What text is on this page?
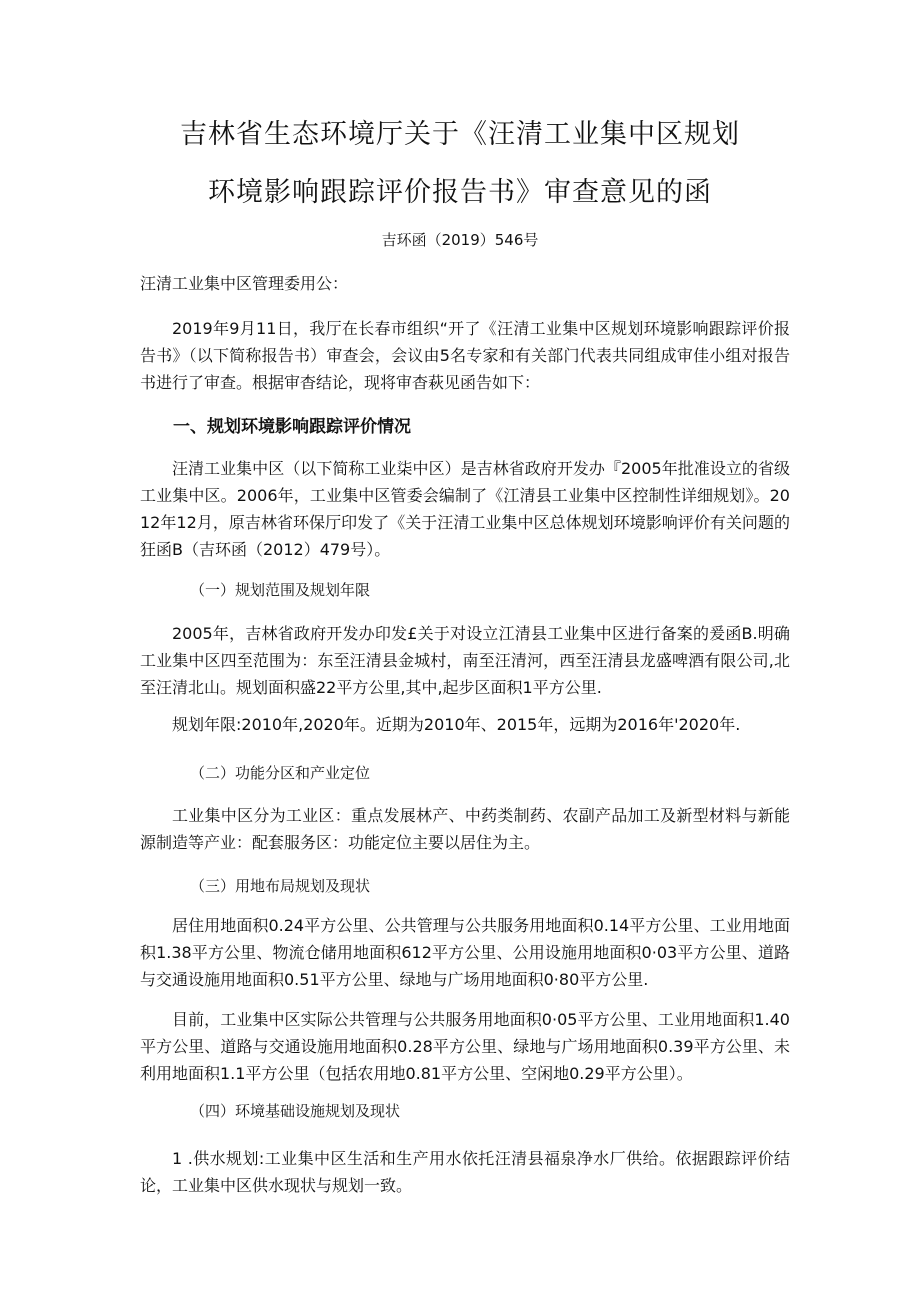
吉林省生态环境厅关于《汪清工业集中区规划
环境影响跟踪评价报告书》审查意见的函
吉环函（2019）546号

汪清工业集中区管理委用公：

2019年9月11日，我厅在长春市组织“开了《汪清工业集中区规划环境影响跟踪评价报告书》（以下简称报告书）审查会，会议由5名专家和有关部门代表共同组成审佳小组对报告书进行了审查。根据审杳结论，现将审杳萩见函告如下：

一、规划环境影响跟踪评价情况

汪清工业集中区（以下简称工业柒中区）是吉林省政府开发办『2005年批准设立的省级工业集中区。2006年，工业集中区管委会编制了《江清县工业集中区控制性详细规划》。2012年12月，原吉林省环保厅印发了《关于汪清工业集中区总体规划环境影响评价有关问题的狂函B（吉环函（2012）479号）。

（一）规划范围及规划年限

2005年，吉林省政府开发办印发£关于对设立江清县工业集中区进行备案的爰函B.明确工业集中区四至范围为：东至汪清县金城村，南至汪清河，西至汪清县龙盛啤酒有限公司,北至汪清北山。规划面积盛22平方公里,其中,起步区面积1平方公里.

规划年限:2010年,2020年。近期为2010年、2015年，远期为2016年'2020年.

（二）功能分区和产业定位

工业集中区分为工业区：重点发展林产、中药类制药、农副产品加工及新型材料与新能源制造等产业：配套服务区：功能定位主要以居住为主。

（三）用地布局规划及现状

居住用地面积0.24平方公里、公共管理与公共服务用地面积0.14平方公里、工业用地面积1.38平方公里、物流仓储用地面积612平方公里、公用设施用地面积0·03平方公里、道路与交通设施用地面积0.51平方公里、绿地与广场用地面积0·80平方公里.

目前，工业集中区实际公共管理与公共服务用地面积0·05平方公里、工业用地面积1.40平方公里、道路与交通设施用地面积0.28平方公里、绿地与广场用地面积0.39平方公里、未利用地面积1.1平方公里（包括农用地0.81平方公里、空闲地0.29平方公里）。

（四）环境基础设施规划及现状

1 .供水规划:工业集中区生活和生产用水依托汪清县福泉净水厂供给。依据跟踪评价结论，工业集中区供水现状与规划一致。
